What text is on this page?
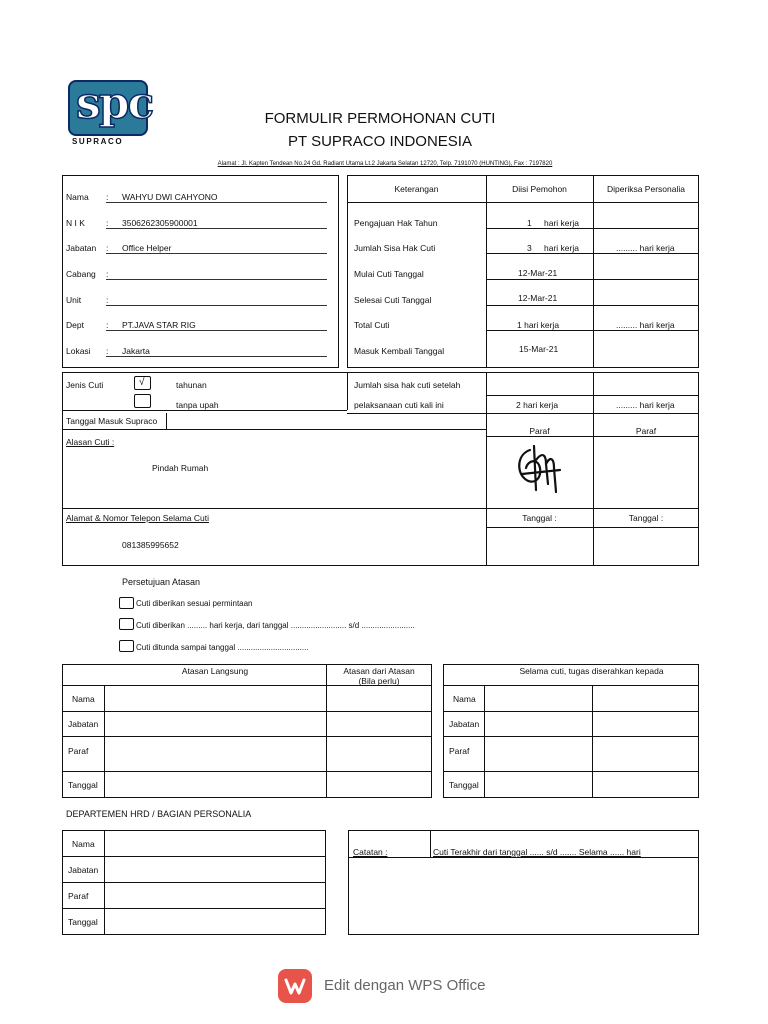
spc
SUPRACO
FORMULIR PERMOHONAN CUTI
PT SUPRACO INDONESIA
Alamat : Jl. Kapten Tendean No.24 Gd. Radiant Utama Lt.2 Jakarta Selatan 12720, Telp. 7191070 (HUNTING), Fax : 7197820
Nama : WAHYU DWI CAHYONO
N I K : 3506262305900001
Jabatan : Office Helper
Cabang :
Unit	:
Dept	: PT.JAVA STAR RIG
Lokasi : Jakarta
Keterangan	Diisi Pemohon	Diperiksa Personalia
Pengajuan Hak Tahun	1 hari kerja
Jumlah Sisa Hak Cuti	3 hari kerja	......... hari kerja
Mulai Cuti Tanggal	12-Mar-21
Selesai Cuti Tanggal	12-Mar-21
Total Cuti	1 hari kerja	......... hari kerja
Masuk Kembali Tanggal	15-Mar-21
Jenis Cuti	√	tahunan
tanpa upah
Jumlah sisa hak cuti setelah
pelaksanaan cuti kali ini	2 hari kerja	......... hari kerja
Tanggal Masuk Supraco
Paraf	Paraf
Alasan Cuti :
Pindah Rumah
Alamat & Nomor Telepon Selama Cuti
081385995652
Tanggal :	Tanggal :
Persetujuan Atasan
Cuti diberikan sesuai permintaan
Cuti diberikan ......... hari kerja, dari tanggal ......................... s/d ........................
Cuti ditunda sampai tanggal ................................
Atasan Langsung	Atasan dari Atasan
(Bila perlu)
Nama
Jabatan
Paraf
Tanggal
Selama cuti, tugas diserahkan kepada
Nama
Jabatan
Paraf
Tanggal
DEPARTEMEN HRD / BAGIAN PERSONALIA
Nama
Jabatan
Paraf
Tanggal
Catatan :	Cuti Terakhir dari tanggal ...... s/d ....... Selama ...... hari
Edit dengan WPS Office
